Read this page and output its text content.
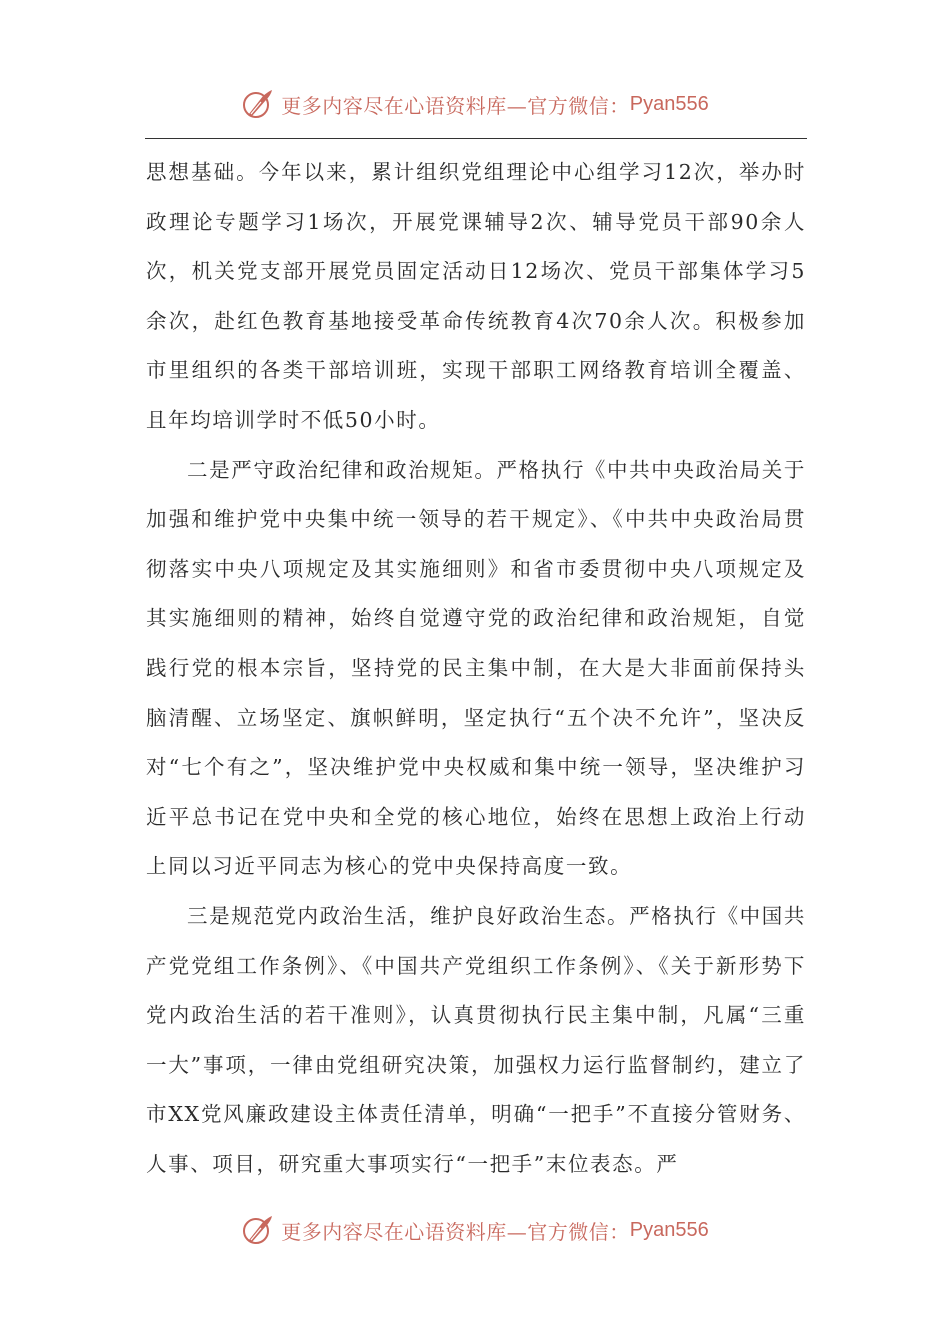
更多内容尽在心语资料库—官方微信： Pyan556

思想基础。今年以来，累计组织党组理论中心组学习12次，举办时政理论专题学习1场次，开展党课辅导2次、辅导党员干部90余人次，机关党支部开展党员固定活动日12场次、党员干部集体学习5余次，赴红色教育基地接受革命传统教育4次70余人次。积极参加市里组织的各类干部培训班，实现干部职工网络教育培训全覆盖、且年均培训学时不低50小时。

二是严守政治纪律和政治规矩。严格执行《中共中央政治局关于加强和维护党中央集中统一领导的若干规定》、《中共中央政治局贯彻落实中央八项规定及其实施细则》和省市委贯彻中央八项规定及其实施细则的精神，始终自觉遵守党的政治纪律和政治规矩，自觉践行党的根本宗旨，坚持党的民主集中制，在大是大非面前保持头脑清醒、立场坚定、旗帜鲜明，坚定执行“五个决不允许”，坚决反对“七个有之”，坚决维护党中央权威和集中统一领导，坚决维护习近平总书记在党中央和全党的核心地位，始终在思想上政治上行动上同以习近平同志为核心的党中央保持高度一致。

三是规范党内政治生活，维护良好政治生态。严格执行《中国共产党党组工作条例》、《中国共产党组织工作条例》、《关于新形势下党内政治生活的若干准则》，认真贯彻执行民主集中制，凡属“三重一大”事项，一律由党组研究决策，加强权力运行监督制约，建立了市XX党风廉政建设主体责任清单，明确“一把手”不直接分管财务、人事、项目，研究重大事项实行“一把手”末位表态。严

更多内容尽在心语资料库—官方微信： Pyan556
